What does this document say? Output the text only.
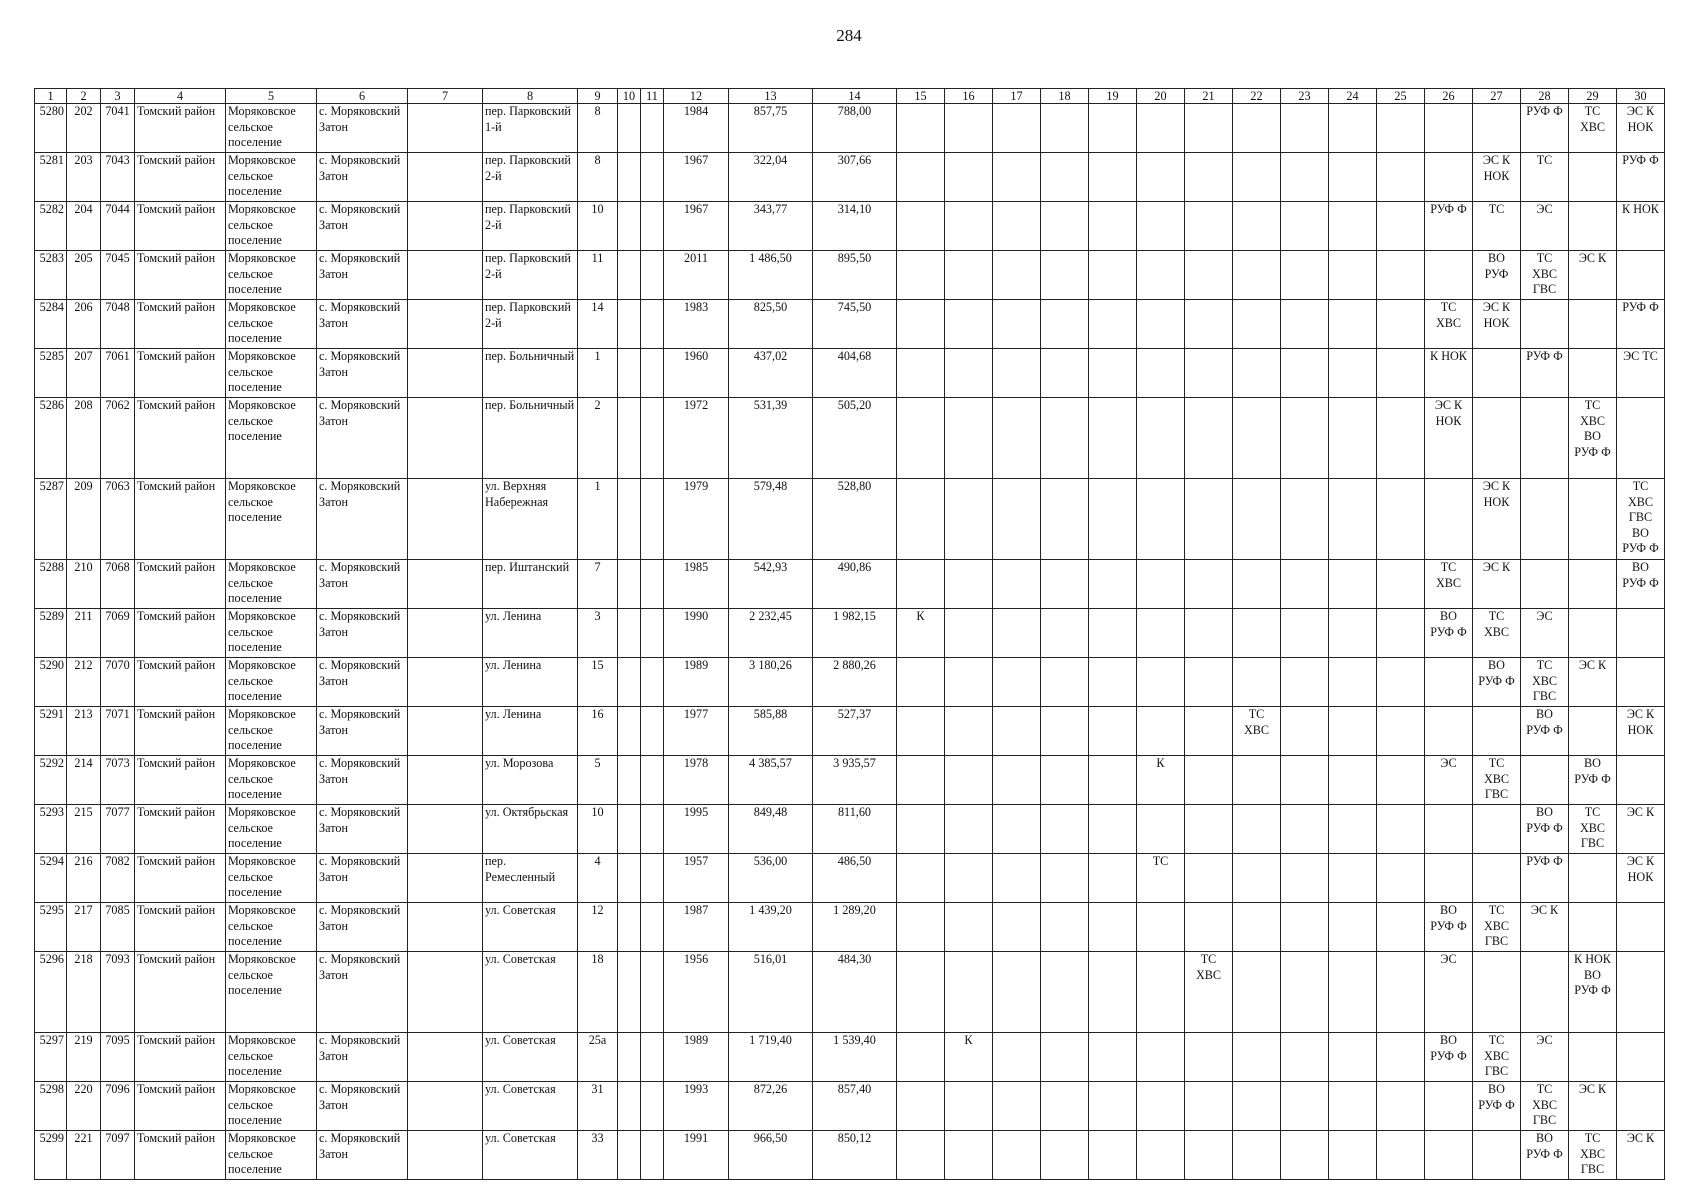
284
1	2	3	4	5	6	7	8	9	10	11	12	13	14	15	16	17	18	19	20	21	22	23	24	25	26	27	28	29	30
5280	202	7041	Томский район	Моряковское сельское поселение	с. Моряковский Затон		пер. Парковский 1-й	8			1984	857,75	788,00														РУФ Ф	ТС ХВС	ЭС К НОК
5281	203	7043	Томский район	Моряковское сельское поселение	с. Моряковский Затон		пер. Парковский 2-й	8			1967	322,04	307,66													ЭС К НОК	ТС		РУФ Ф
5282	204	7044	Томский район	Моряковское сельское поселение	с. Моряковский Затон		пер. Парковский 2-й	10			1967	343,77	314,10												РУФ Ф	ТС	ЭС		К НОК
5283	205	7045	Томский район	Моряковское сельское поселение	с. Моряковский Затон		пер. Парковский 2-й	11			2011	1 486,50	895,50													ВО РУФ	ТС ХВС ГВС	ЭС К	
5284	206	7048	Томский район	Моряковское сельское поселение	с. Моряковский Затон		пер. Парковский 2-й	14			1983	825,50	745,50												ТС ХВС	ЭС К НОК			РУФ Ф
5285	207	7061	Томский район	Моряковское сельское поселение	с. Моряковский Затон		пер. Больничный	1			1960	437,02	404,68												К НОК		РУФ Ф		ЭС ТС
5286	208	7062	Томский район	Моряковское сельское поселение	с. Моряковский Затон		пер. Больничный	2			1972	531,39	505,20												ЭС К НОК			ТС ХВС ВО РУФ Ф	
5287	209	7063	Томский район	Моряковское сельское поселение	с. Моряковский Затон		ул. Верхняя Набережная	1			1979	579,48	528,80													ЭС К НОК			ТС ХВС ГВС ВО РУФ Ф
5288	210	7068	Томский район	Моряковское сельское поселение	с. Моряковский Затон		пер. Иштанский	7			1985	542,93	490,86												ТС ХВС	ЭС К			ВО РУФ Ф
5289	211	7069	Томский район	Моряковское сельское поселение	с. Моряковский Затон		ул. Ленина	3			1990	2 232,45	1 982,15	К											ВО РУФ Ф	ТС ХВС	ЭС		
5290	212	7070	Томский район	Моряковское сельское поселение	с. Моряковский Затон		ул. Ленина	15			1989	3 180,26	2 880,26													ВО РУФ Ф	ТС ХВС ГВС	ЭС К	
5291	213	7071	Томский район	Моряковское сельское поселение	с. Моряковский Затон		ул. Ленина	16			1977	585,88	527,37								ТС ХВС						ВО РУФ Ф		ЭС К НОК
5292	214	7073	Томский район	Моряковское сельское поселение	с. Моряковский Затон		ул. Морозова	5			1978	4 385,57	3 935,57						К						ЭС	ТС ХВС ГВС		ВО РУФ Ф	
5293	215	7077	Томский район	Моряковское сельское поселение	с. Моряковский Затон		ул. Октябрьская	10			1995	849,48	811,60														ВО РУФ Ф	ТС ХВС ГВС	ЭС К
5294	216	7082	Томский район	Моряковское сельское поселение	с. Моряковский Затон		пер. Ремесленный	4			1957	536,00	486,50						ТС								РУФ Ф		ЭС К НОК
5295	217	7085	Томский район	Моряковское сельское поселение	с. Моряковский Затон		ул. Советская	12			1987	1 439,20	1 289,20												ВО РУФ Ф	ТС ХВС ГВС	ЭС К		
5296	218	7093	Томский район	Моряковское сельское поселение	с. Моряковский Затон		ул. Советская	18			1956	516,01	484,30							ТС ХВС					ЭС			К НОК ВО РУФ Ф	
5297	219	7095	Томский район	Моряковское сельское поселение	с. Моряковский Затон		ул. Советская	25а			1989	1 719,40	1 539,40		К										ВО РУФ Ф	ТС ХВС ГВС	ЭС		
5298	220	7096	Томский район	Моряковское сельское поселение	с. Моряковский Затон		ул. Советская	31			1993	872,26	857,40													ВО РУФ Ф	ТС ХВС ГВС	ЭС К	
5299	221	7097	Томский район	Моряковское сельское поселение	с. Моряковский Затон		ул. Советская	33			1991	966,50	850,12														ВО РУФ Ф	ТС ХВС ГВС	ЭС К
